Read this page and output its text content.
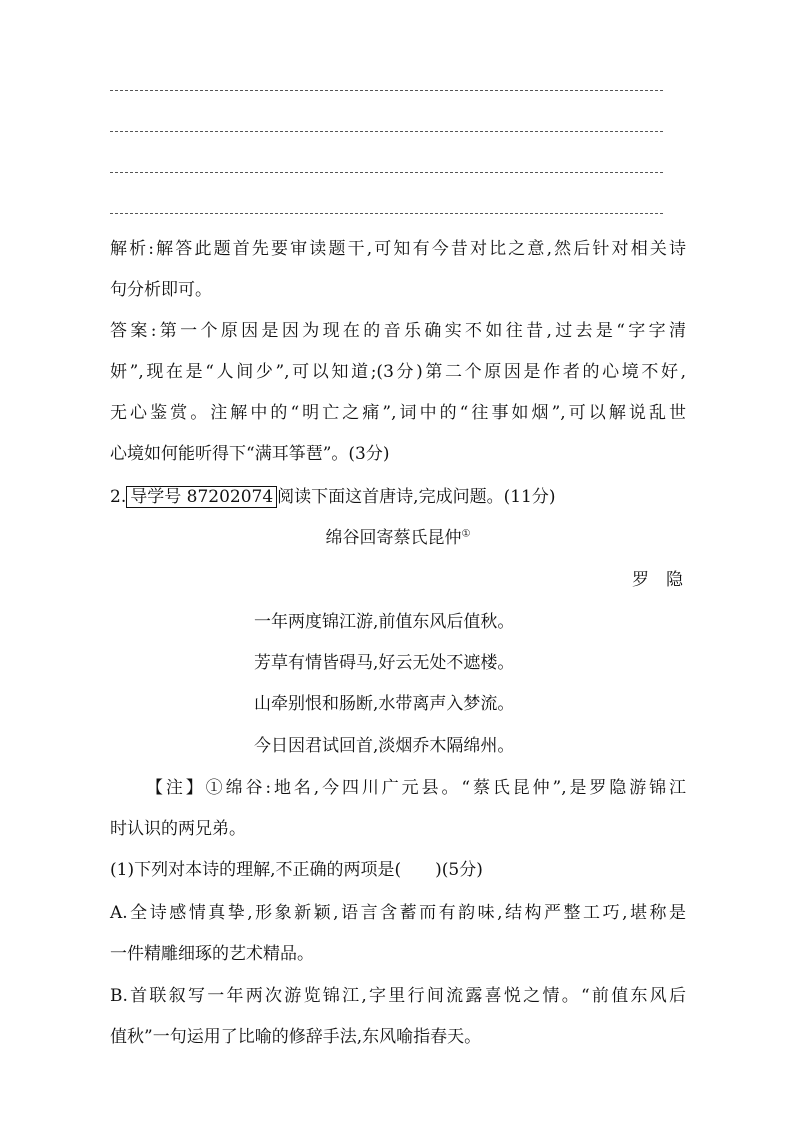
解析:解答此题首先要审读题干,可知有今昔对比之意,然后针对相关诗
句分析即可。
答案:第一个原因是因为现在的音乐确实不如往昔,过去是“字字清
妍”,现在是“人间少”,可以知道;(3分)第二个原因是作者的心境不好,
无心鉴赏。注解中的“明亡之痛”,词中的“往事如烟”,可以解说乱世
心境如何能听得下“满耳筝琶”。(3分)
2. 导学号 87202074 阅读下面这首唐诗,完成问题。(11分)
绵谷回寄蔡氏昆仲①
罗　隐
一年两度锦江游,前值东风后值秋。
芳草有情皆碍马,好云无处不遮楼。
山牵别恨和肠断,水带离声入梦流。
今日因君试回首,淡烟乔木隔绵州。
【注】①绵谷:地名,今四川广元县。“蔡氏昆仲”,是罗隐游锦江
时认识的两兄弟。
(1)下列对本诗的理解,不正确的两项是( )(5分)
A.全诗感情真挚,形象新颖,语言含蓄而有韵味,结构严整工巧,堪称是
一件精雕细琢的艺术精品。
B.首联叙写一年两次游览锦江,字里行间流露喜悦之情。“前值东风后
值秋”一句运用了比喻的修辞手法,东风喻指春天。
